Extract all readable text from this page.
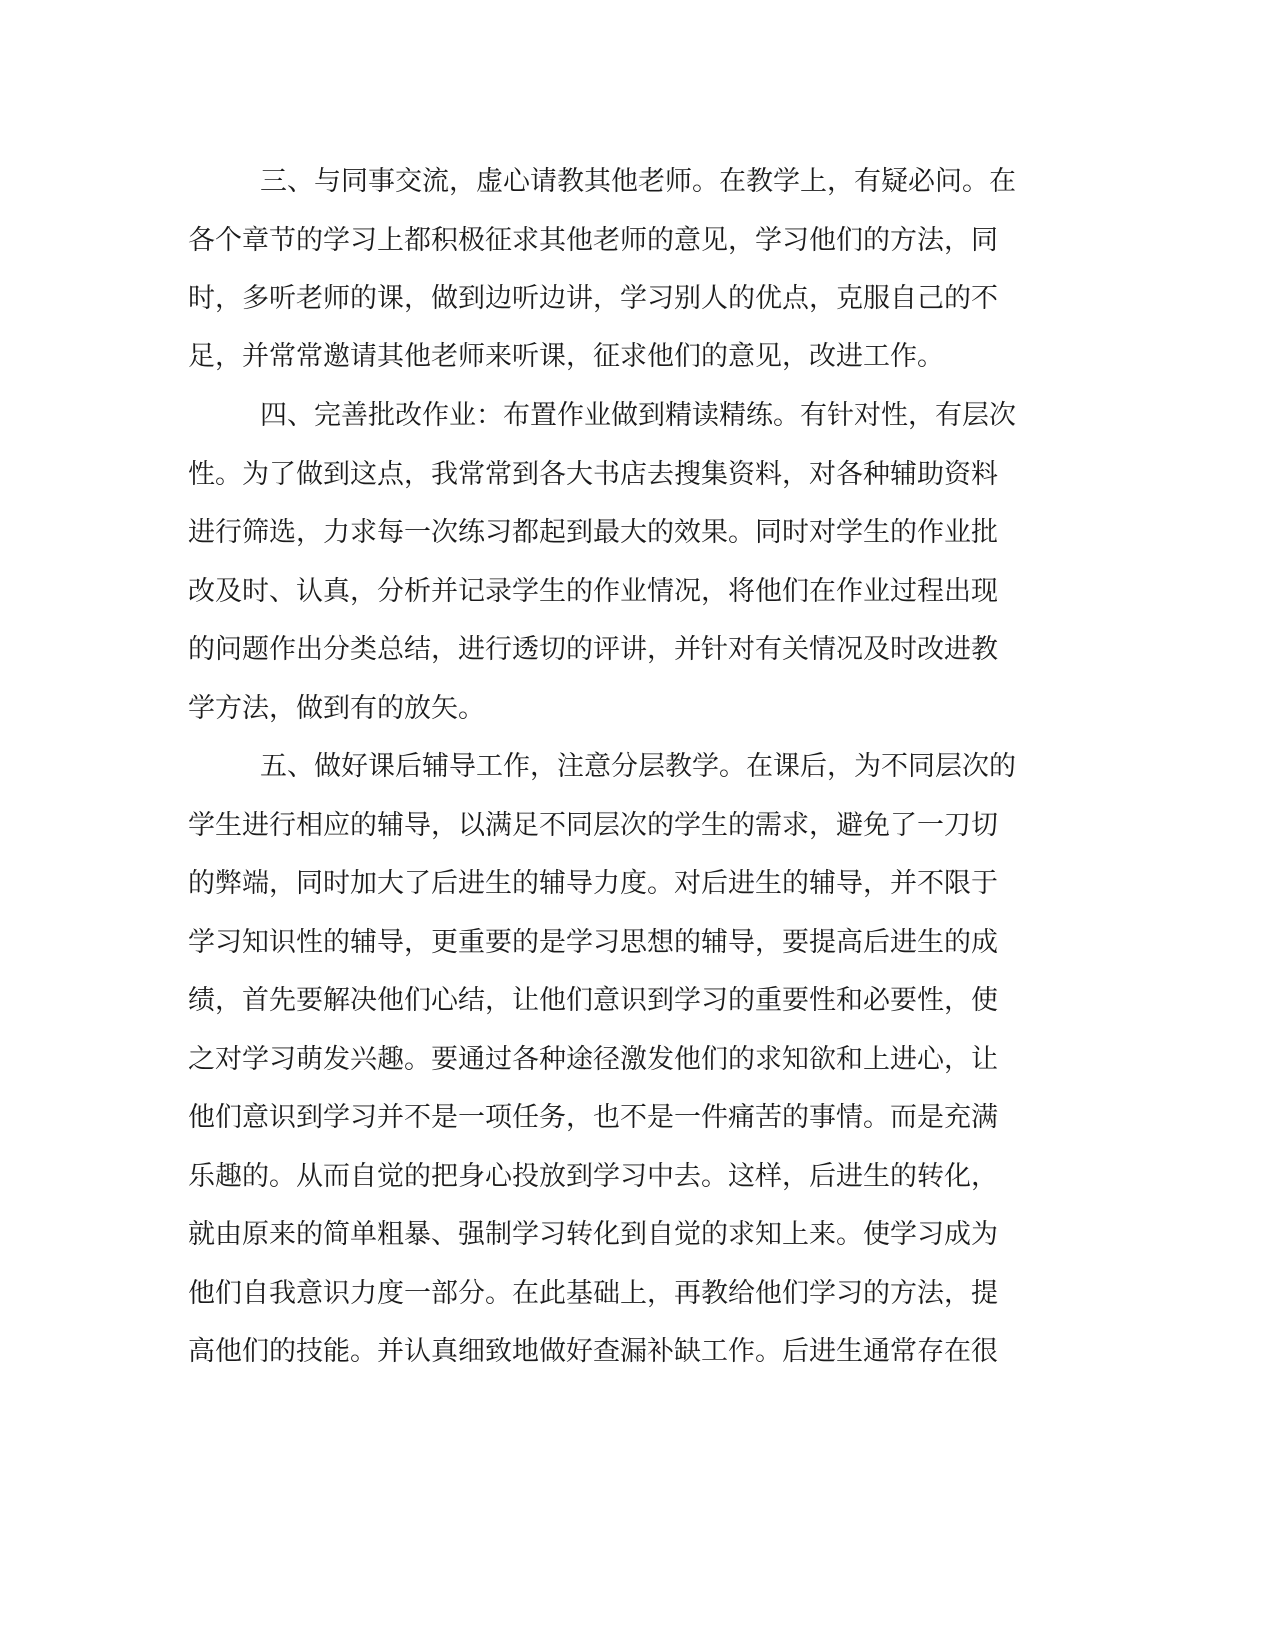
三、与同事交流，虚心请教其他老师。在教学上，有疑必问。在
各个章节的学习上都积极征求其他老师的意见，学习他们的方法，同
时，多听老师的课，做到边听边讲，学习别人的优点，克服自己的不
足，并常常邀请其他老师来听课，征求他们的意见，改进工作。
四、完善批改作业：布置作业做到精读精练。有针对性，有层次
性。为了做到这点，我常常到各大书店去搜集资料，对各种辅助资料
进行筛选，力求每一次练习都起到最大的效果。同时对学生的作业批
改及时、认真，分析并记录学生的作业情况，将他们在作业过程出现
的问题作出分类总结，进行透切的评讲，并针对有关情况及时改进教
学方法，做到有的放矢。
五、做好课后辅导工作，注意分层教学。在课后，为不同层次的
学生进行相应的辅导，以满足不同层次的学生的需求，避免了一刀切
的弊端，同时加大了后进生的辅导力度。对后进生的辅导，并不限于
学习知识性的辅导，更重要的是学习思想的辅导，要提高后进生的成
绩，首先要解决他们心结，让他们意识到学习的重要性和必要性，使
之对学习萌发兴趣。要通过各种途径激发他们的求知欲和上进心，让
他们意识到学习并不是一项任务，也不是一件痛苦的事情。而是充满
乐趣的。从而自觉的把身心投放到学习中去。这样，后进生的转化，
就由原来的简单粗暴、强制学习转化到自觉的求知上来。使学习成为
他们自我意识力度一部分。在此基础上，再教给他们学习的方法，提
高他们的技能。并认真细致地做好查漏补缺工作。后进生通常存在很
